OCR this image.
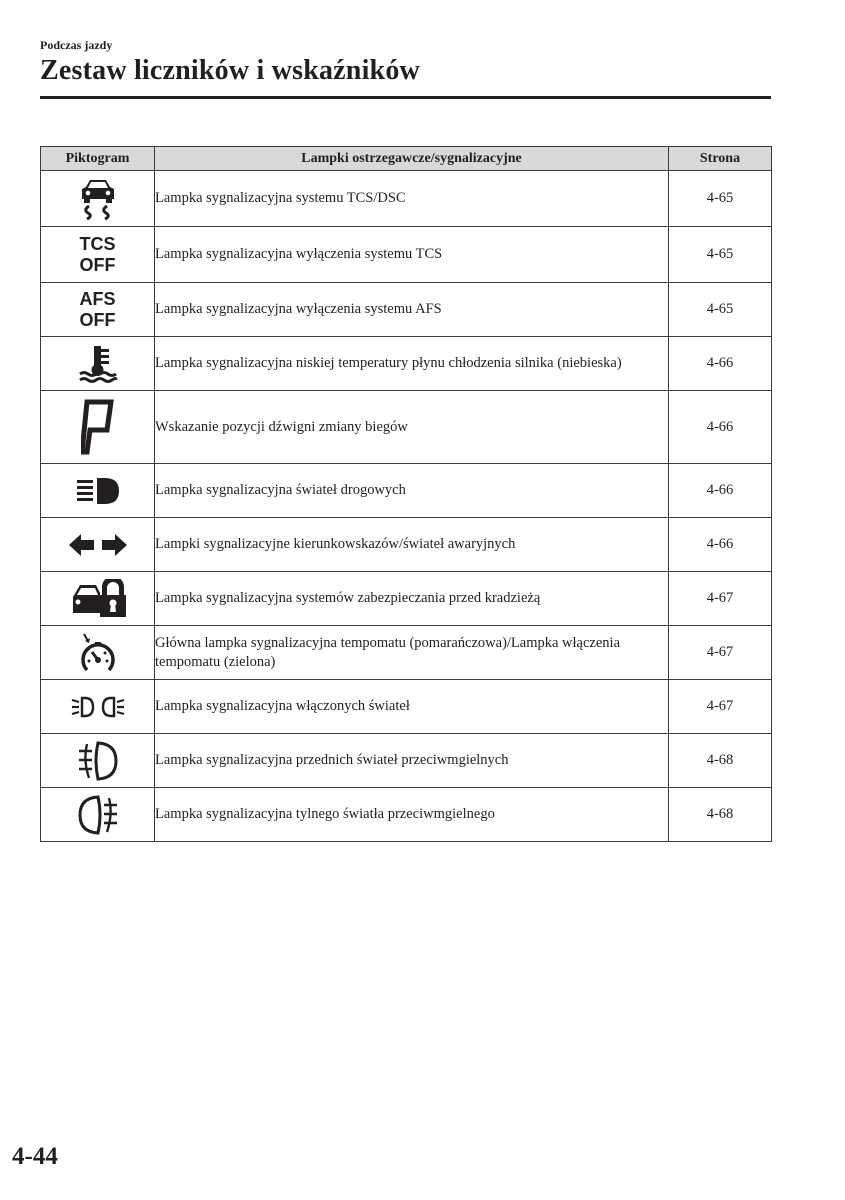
Podczas jazdy
Zestaw liczników i wskaźników
Piktogram	Lampki ostrzegawcze/sygnalizacyjne	Strona
	Lampka sygnalizacyjna systemu TCS/DSC	4-65
TCS
OFF	Lampka sygnalizacyjna wyłączenia systemu TCS	4-65
AFS
OFF	Lampka sygnalizacyjna wyłączenia systemu AFS	4-65
	Lampka sygnalizacyjna niskiej temperatury płynu chłodzenia silnika (niebieska)	4-66
	Wskazanie pozycji dźwigni zmiany biegów	4-66
	Lampka sygnalizacyjna świateł drogowych	4-66
	Lampki sygnalizacyjne kierunkowskazów/świateł awaryjnych	4-66
	Lampka sygnalizacyjna systemów zabezpieczania przed kradzieżą	4-67
	Główna lampka sygnalizacyjna tempomatu (pomarańczowa)/Lampka włączenia tempomatu (zielona)	4-67
	Lampka sygnalizacyjna włączonych świateł	4-67
	Lampka sygnalizacyjna przednich świateł przeciwmgielnych	4-68
	Lampka sygnalizacyjna tylnego światła przeciwmgielnego	4-68
4-44
